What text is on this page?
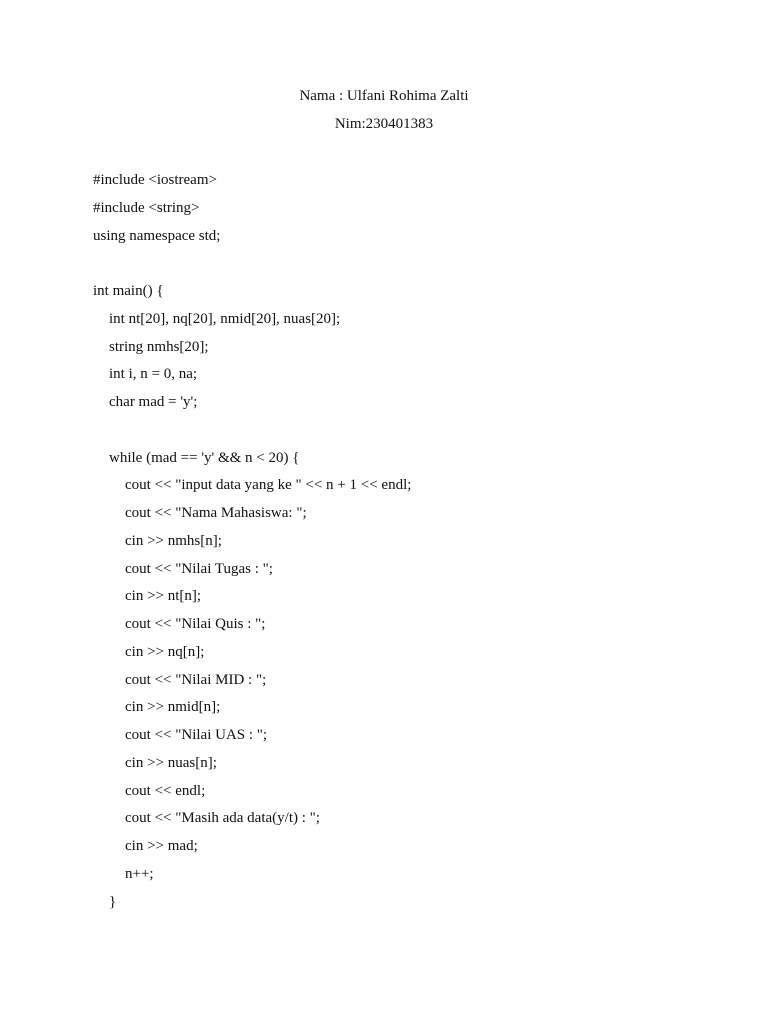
Nama : Ulfani Rohima Zalti
Nim:230401383
#include <iostream>
#include <string>
using namespace std;
int main() {
int nt[20], nq[20], nmid[20], nuas[20];
string nmhs[20];
int i, n = 0, na;
char mad = 'y';
while (mad == 'y' && n < 20) {
cout << "input data yang ke " << n + 1 << endl;
cout << "Nama Mahasiswa: ";
cin >> nmhs[n];
cout << "Nilai Tugas : ";
cin >> nt[n];
cout << "Nilai Quis : ";
cin >> nq[n];
cout << "Nilai MID : ";
cin >> nmid[n];
cout << "Nilai UAS : ";
cin >> nuas[n];
cout << endl;
cout << "Masih ada data(y/t) : ";
cin >> mad;
n++;
}
